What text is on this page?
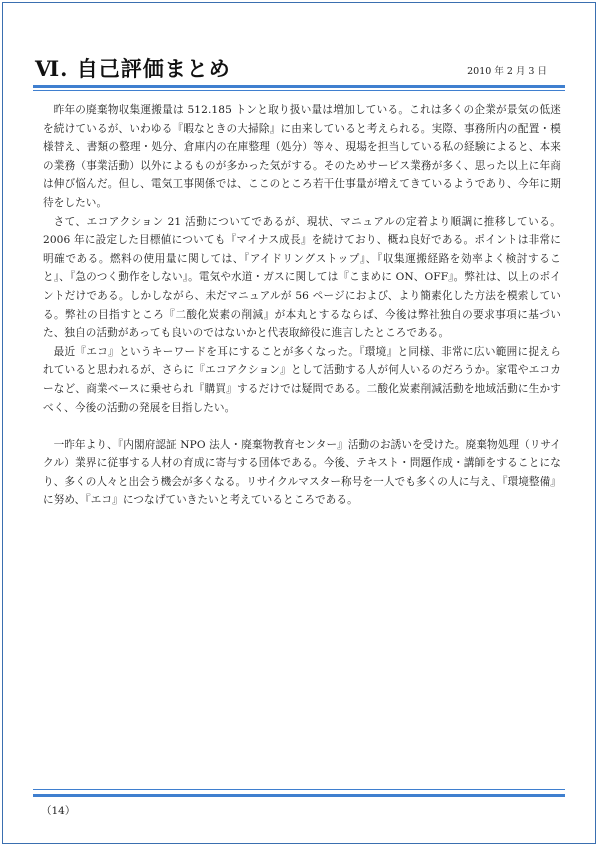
Ⅵ. 自己評価まとめ	2010 年 2 月 3 日

昨年の廃棄物収集運搬量は 512.185 トンと取り扱い量は増加している。これは多くの企業が景気の低迷を続けているが、いわゆる『暇なときの大掃除』に由来していると考えられる。実際、事務所内の配置・模様替え、書類の整理・処分、倉庫内の在庫整理（処分）等々、現場を担当している私の経験によると、本来の業務（事業活動）以外によるものが多かった気がする。そのためサービス業務が多く、思った以上に年商は伸び悩んだ。但し、電気工事関係では、ここのところ若干仕事量が増えてきているようであり、今年に期待をしたい。

さて、エコアクション 21 活動についてであるが、現状、マニュアルの定着より順調に推移している。2006 年に設定した目標値についても『マイナス成長』を続けており、概ね良好である。ポイントは非常に明確である。燃料の使用量に関しては、『アイドリングストップ』、『収集運搬経路を効率よく検討すること』、『急のつく動作をしない』。電気や水道・ガスに関しては『こまめに ON、OFF』。弊社は、以上のポイントだけである。しかしながら、未だマニュアルが 56 ページにおよび、より簡素化した方法を模索している。弊社の目指すところ『二酸化炭素の削減』が本丸とするならば、今後は弊社独自の要求事項に基づいた、独自の活動があっても良いのではないかと代表取締役に進言したところである。

最近『エコ』というキーワードを耳にすることが多くなった。『環境』と同様、非常に広い範囲に捉えられていると思われるが、さらに『エコアクション』として活動する人が何人いるのだろうか。家電やエコカーなど、商業ベースに乗せられ『購買』するだけでは疑問である。二酸化炭素削減活動を地域活動に生かすべく、今後の活動の発展を目指したい。

一昨年より、『内閣府認証 NPO 法人・廃棄物教育センター』活動のお誘いを受けた。廃棄物処理（リサイクル）業界に従事する人材の育成に寄与する団体である。今後、テキスト・問題作成・講師をすることになり、多くの人々と出会う機会が多くなる。リサイクルマスター称号を一人でも多くの人に与え、『環境整備』に努め、『エコ』につなげていきたいと考えているところである。

（14）
